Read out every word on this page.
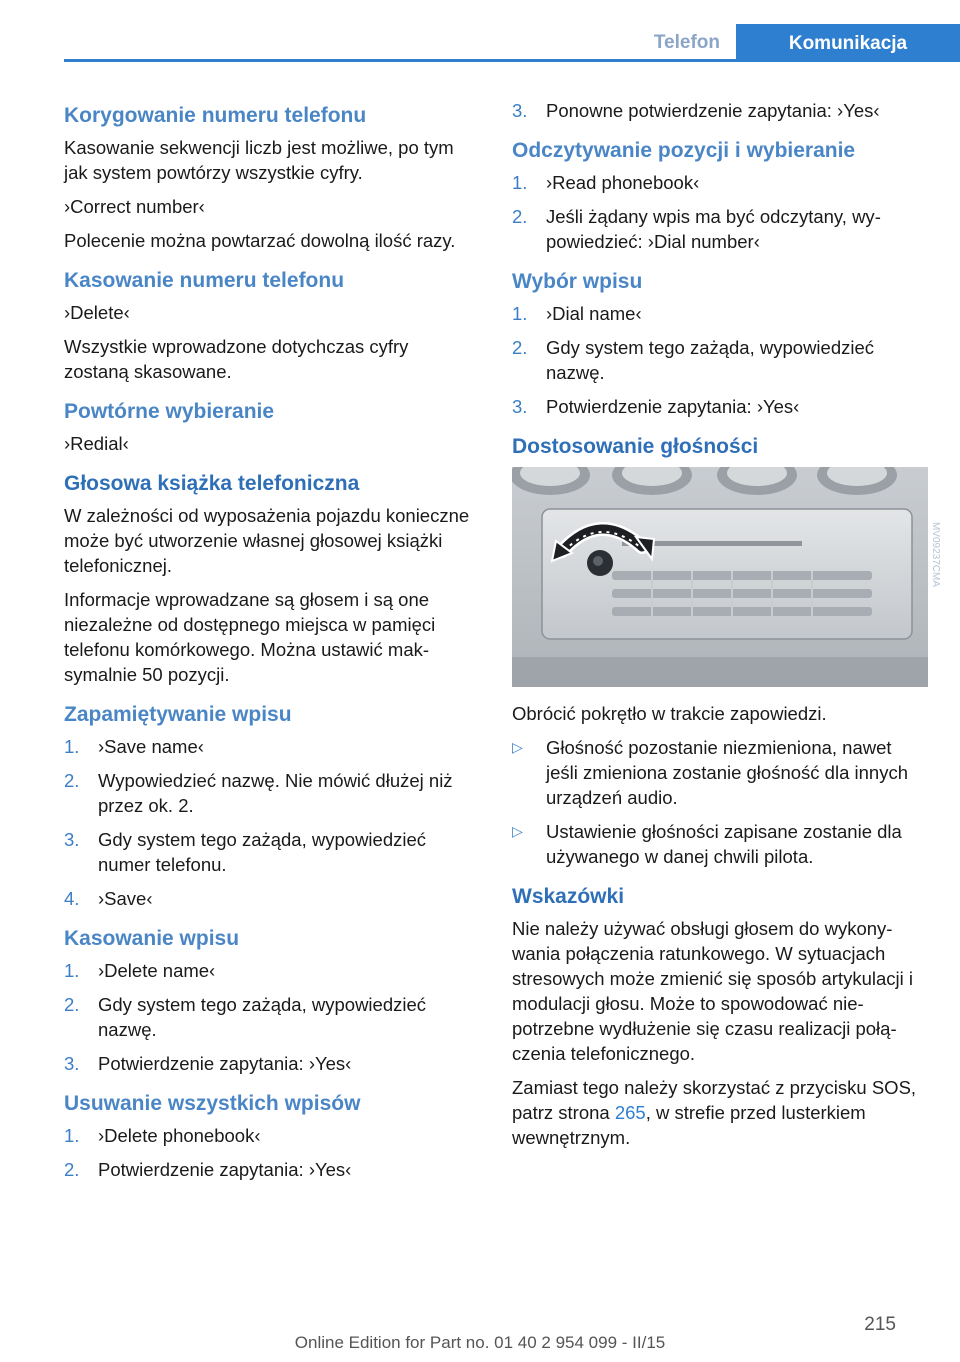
Telefon	Komunikacja
Korygowanie numeru telefonu

Kasowanie sekwencji liczb jest możliwe, po tym jak system powtórzy wszystkie cyfry.

›Correct number‹

Polecenie można powtarzać dowolną ilość razy.

Kasowanie numeru telefonu

›Delete‹

Wszystkie wprowadzone dotychczas cyfry zostaną skasowane.

Powtórne wybieranie

›Redial‹

Głosowa książka telefoniczna

W zależności od wyposażenia pojazdu konieczne może być utworzenie własnej głosowej książki telefonicznej.

Informacje wprowadzane są głosem i są one niezależne od dostępnego miejsca w pamięci telefonu komórkowego. Można ustawić maksymalnie 50 pozycji.

Zapamiętywanie wpisu
1. ›Save name‹
2. Wypowiedzieć nazwę. Nie mówić dłużej niż przez ok. 2.
3. Gdy system tego zażąda, wypowiedzieć numer telefonu.
4. ›Save‹
Kasowanie wpisu
1. ›Delete name‹
2. Gdy system tego zażąda, wypowiedzieć nazwę.
3. Potwierdzenie zapytania: ›Yes‹
Usuwanie wszystkich wpisów
1. ›Delete phonebook‹
2. Potwierdzenie zapytania: ›Yes‹
3. Ponowne potwierdzenie zapytania: ›Yes‹
Odczytywanie pozycji i wybieranie
1. ›Read phonebook‹
2. Jeśli żądany wpis ma być odczytany, wypowiedzieć: ›Dial number‹
Wybór wpisu
1. ›Dial name‹
2. Gdy system tego zażąda, wypowiedzieć nazwę.
3. Potwierdzenie zapytania: ›Yes‹
Dostosowanie głośności
MV09237CMA

Obrócić pokrętło w trakcie zapowiedzi.

▷ Głośność pozostanie niezmieniona, nawet jeśli zmieniona zostanie głośność dla innych urządzeń audio.
▷ Ustawienie głośności zapisane zostanie dla używanego w danej chwili pilota.
Wskazówki

Nie należy używać obsługi głosem do wykonywania połączenia ratunkowego. W sytuacjach stresowych może zmienić się sposób artykulacji i modulacji głosu. Może to spowodować niepotrzebne wydłużenie się czasu realizacji połączenia telefonicznego.

Zamiast tego należy skorzystać z przycisku SOS, patrz strona 265, w strefie przed lusterkiem wewnętrznym.

215
Online Edition for Part no. 01 40 2 954 099 - II/15
